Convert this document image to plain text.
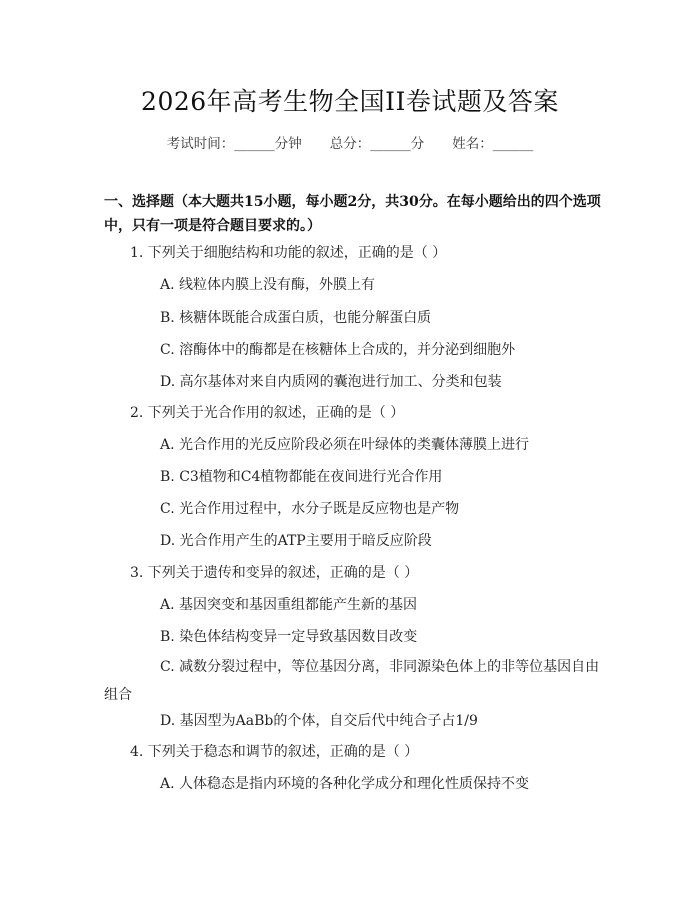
2026年高考生物全国II卷试题及答案
考试时间：______分钟 总分：______分 姓名：______
一、选择题（本大题共15小题，每小题2分，共30分。在每小题给出的四个选项中，只有一项是符合题目要求的。）
1. 下列关于细胞结构和功能的叙述，正确的是（ ）
A. 线粒体内膜上没有酶，外膜上有
B. 核糖体既能合成蛋白质，也能分解蛋白质
C. 溶酶体中的酶都是在核糖体上合成的，并分泌到细胞外
D. 高尔基体对来自内质网的囊泡进行加工、分类和包装
2. 下列关于光合作用的叙述，正确的是（ ）
A. 光合作用的光反应阶段必须在叶绿体的类囊体薄膜上进行
B. C3植物和C4植物都能在夜间进行光合作用
C. 光合作用过程中，水分子既是反应物也是产物
D. 光合作用产生的ATP主要用于暗反应阶段
3. 下列关于遗传和变异的叙述，正确的是（ ）
A. 基因突变和基因重组都能产生新的基因
B. 染色体结构变异一定导致基因数目改变
C. 减数分裂过程中，等位基因分离，非同源染色体上的非等位基因自由组合
D. 基因型为AaBb的个体，自交后代中纯合子占1/9
4. 下列关于稳态和调节的叙述，正确的是（ ）
A. 人体稳态是指内环境的各种化学成分和理化性质保持不变
